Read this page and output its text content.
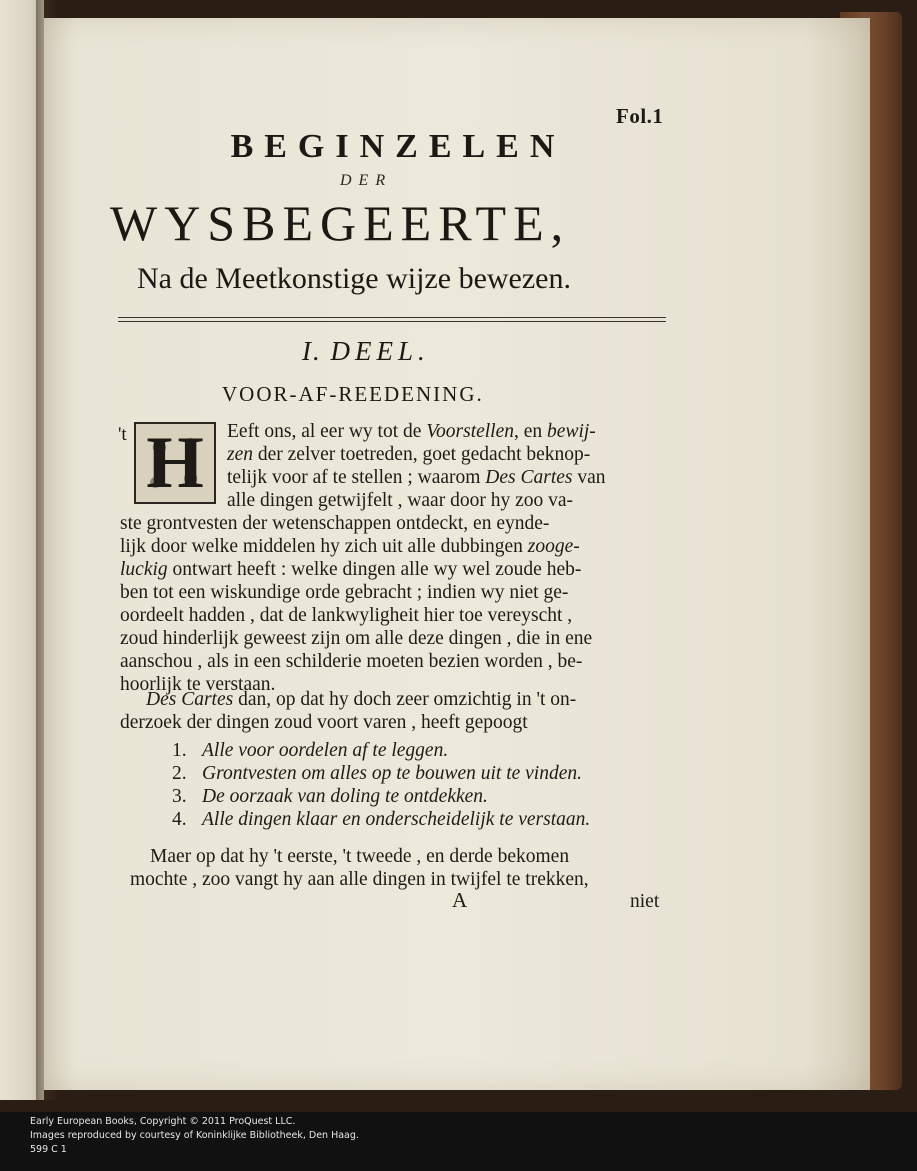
Fol.1
BEGINZELEN
DER
WYSBEGEERTE,
Na de Meetkonstige wijze bewezen.
I. DEEL.
VOOR-AF-REEDENING.
't H Eeft ons, al eer wy tot de Voorstellen, en bewij-
zen der zelver toetreden, goet gedacht beknop-
telijk voor af te stellen ; waarom Des Cartes van
alle dingen getwijfelt , waar door hy zoo va-
ste grontvesten der wetenschappen ontdeckt, en eynde-
lijk door welke middelen hy zich uit alle dubbingen zooge-
luckig ontwart heeft : welke dingen alle wy wel zoude heb-
ben tot een wiskundige orde gebracht ; indien wy niet ge-
oordeelt hadden , dat de lankwyligheit hier toe vereyscht ,
zoud hinderlijk geweest zijn om alle deze dingen , die in ene
aanschou , als in een schilderie moeten bezien worden , be-
hoorlijk te verstaan.
Des Cartes dan, op dat hy doch zeer omzichtig in 't on-
derzoek der dingen zoud voort varen , heeft gepoogt
1. Alle voor oordelen af te leggen.
2. Grontvesten om alles op te bouwen uit te vinden.
3. De oorzaak van doling te ontdekken.
4. Alle dingen klaar en onderscheidelijk te verstaan.
Maer op dat hy 't eerste, 't tweede , en derde bekomen
mochte , zoo vangt hy aan alle dingen in twijfel te trekken,
A	niet
Early European Books, Copyright © 2011 ProQuest LLC.
Images reproduced by courtesy of Koninklijke Bibliotheek, Den Haag.
599 C 1
